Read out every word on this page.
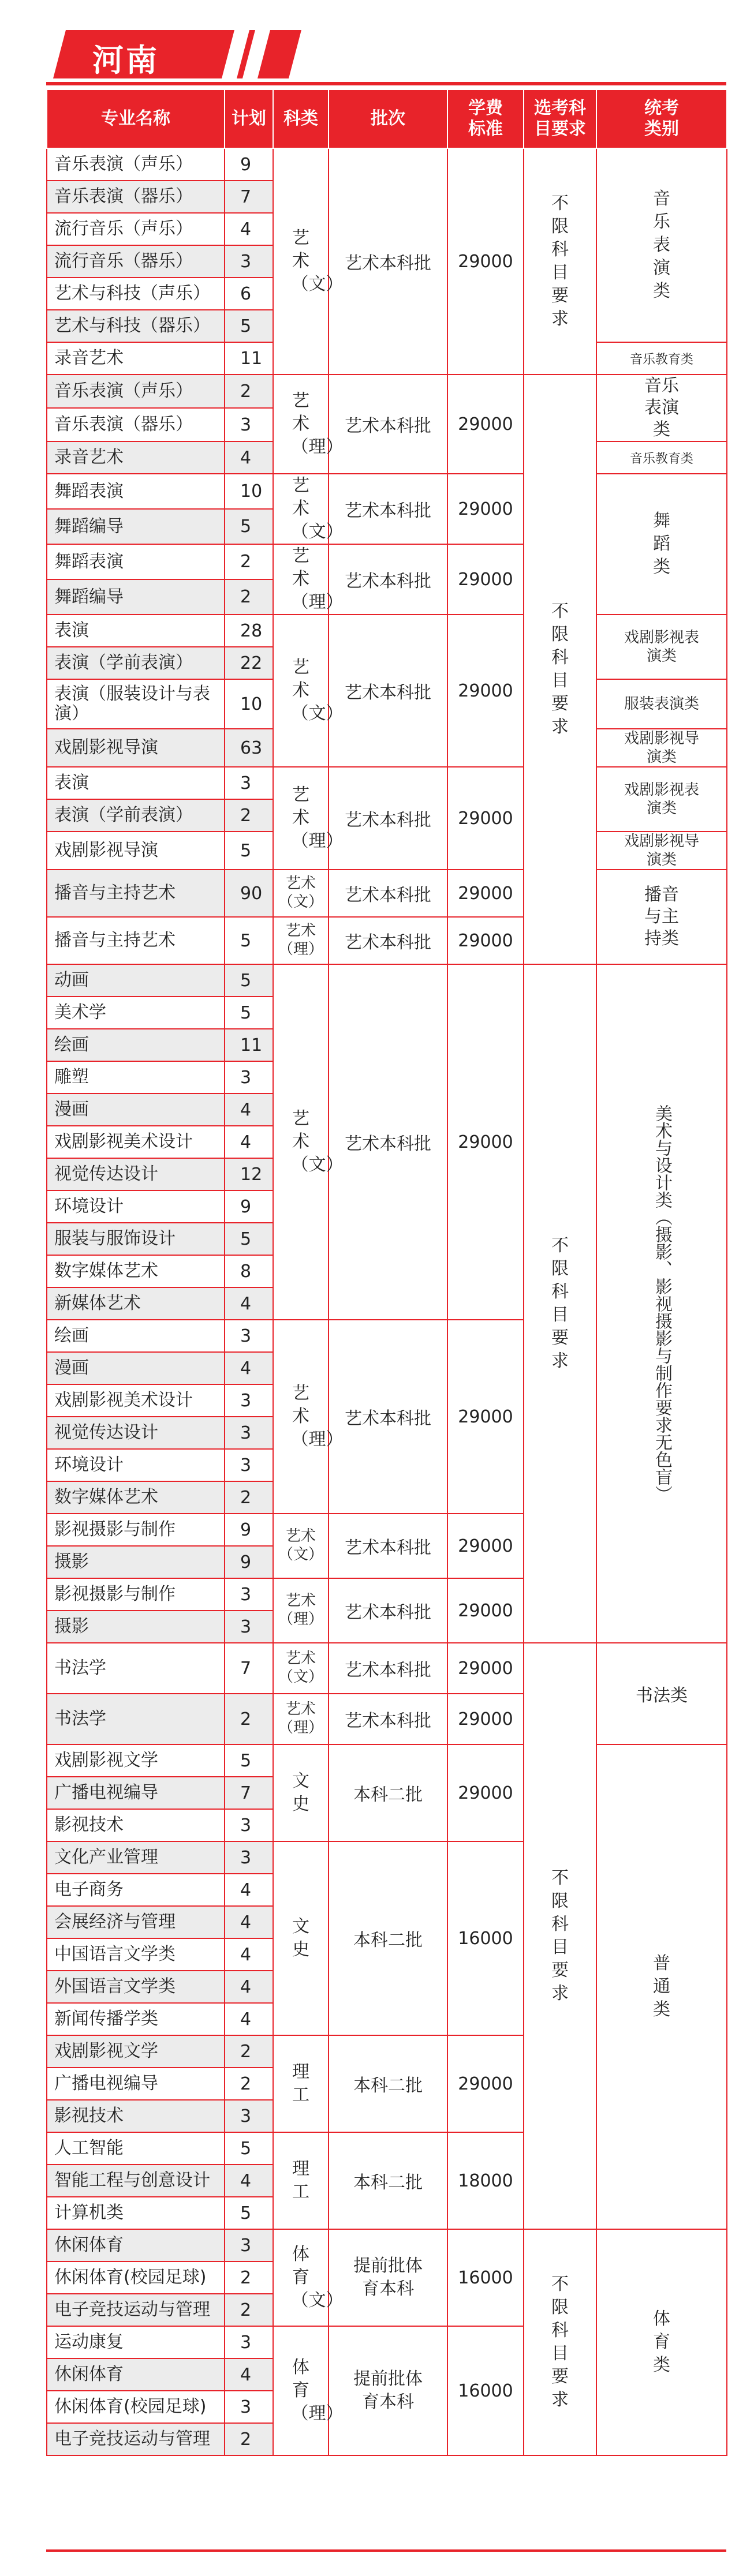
河南
专业名称	计划	科类	批次	学费标准	选考科目要求	统考类别
音乐表演（声乐）	9	艺术（文）	艺术本科批	29000	不限科目要求	音乐表演类
音乐表演（器乐）	7					
流行音乐（声乐）	4					
流行音乐（器乐）	3					
艺术与科技（声乐）	6					
艺术与科技（器乐）	5					
录音艺术	11					音乐教育类
音乐表演（声乐）	2	艺术（理）	艺术本科批	29000	不限科目要求	音乐表演类
音乐表演（器乐）	3					
录音艺术	4					音乐教育类
舞蹈表演	10	艺术（文）	艺术本科批	29000		舞蹈类
舞蹈编导	5					
舞蹈表演	2	艺术（理）	艺术本科批	29000		
舞蹈编导	2					
表演	28	艺术（文）	艺术本科批	29000		戏剧影视表演类
表演（学前表演）	22					
表演（服装设计与表演）	10					服装表演类
戏剧影视导演	63					戏剧影视导演类
表演	3	艺术（理）	艺术本科批	29000		戏剧影视表演类
表演（学前表演）	2					
戏剧影视导演	5					戏剧影视导演类
播音与主持艺术	90	艺术（文）	艺术本科批	29000		播音与主持类
播音与主持艺术	5	艺术（理）	艺术本科批	29000		
动画	5	艺术（文）	艺术本科批	29000	不限科目要求	美术与设计类（摄影、影视摄影与制作要求无色盲）
美术学	5					
绘画	11					
雕塑	3					
漫画	4					
戏剧影视美术设计	4					
视觉传达设计	12					
环境设计	9					
服装与服饰设计	5					
数字媒体艺术	8					
新媒体艺术	4					
绘画	3	艺术（理）	艺术本科批	29000		
漫画	4					
戏剧影视美术设计	3					
视觉传达设计	3					
环境设计	3					
数字媒体艺术	2					
影视摄影与制作	9	艺术（文）	艺术本科批	29000		
摄影	9					
影视摄影与制作	3	艺术（理）	艺术本科批	29000		
摄影	3					
书法学	7	艺术（文）	艺术本科批	29000	不限科目要求	书法类
书法学	2	艺术（理）	艺术本科批	29000		
戏剧影视文学	5	文史	本科二批	29000		普通类
广播电视编导	7					
影视技术	3					
文化产业管理	3	文史	本科二批	16000		
电子商务	4					
会展经济与管理	4					
中国语言文学类	4					
外国语言文学类	4					
新闻传播学类	4					
戏剧影视文学	2	理工	本科二批	29000		
广播电视编导	2					
影视技术	3					
人工智能	5	理工	本科二批	18000		
智能工程与创意设计	4					
计算机类	5					
休闲体育	3	体育（文）	提前批体育本科	16000	不限科目要求	体育类
休闲体育(校园足球)	2					
电子竞技运动与管理	2					
运动康复	3	体育（理）	提前批体育本科	16000		
休闲体育	4					
休闲体育(校园足球)	3					
电子竞技运动与管理	2					
